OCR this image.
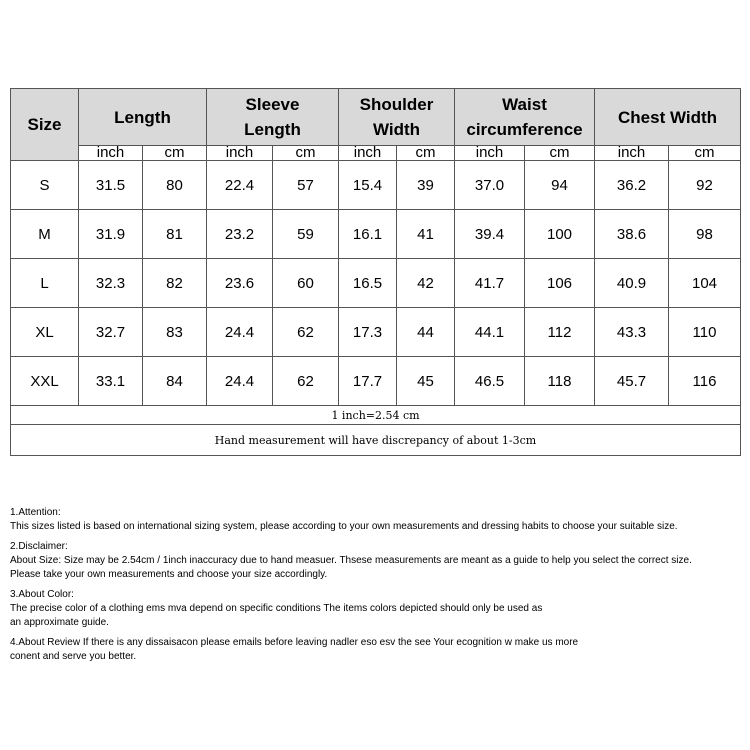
Size	Length		Sleeve Length		Shoulder Width		Waist circumference		Chest Width	
	inch	cm	inch	cm	inch	cm	inch	cm	inch	cm
S	31.5	80	22.4	57	15.4	39	37.0	94	36.2	92
M	31.9	81	23.2	59	16.1	41	39.4	100	38.6	98
L	32.3	82	23.6	60	16.5	42	41.7	106	40.9	104
XL	32.7	83	24.4	62	17.3	44	44.1	112	43.3	110
XXL	33.1	84	24.4	62	17.7	45	46.5	118	45.7	116
1 inch=2.54 cm										
Hand measurement will have discrepancy of about 1-3cm										

1.Attention:

This sizes listed is based on international sizing system, please according to your own measurements and dressing habits to choose your suitable size.

2.Disclaimer:

About Size: Size may be 2.54cm / 1inch inaccuracy due to hand measuer. Thsese measurements are meant as a guide to help you select the correct size.

Please take your own measurements and choose your size accordingly.

3.About Color:

The precise color of a clothing ems mva depend on specific conditions The items colors depicted should only be used as

an approximate guide.

4.About Review If there is any dissaisacon please emails before leaving nadler eso esv the see Your ecognition w make us more

conent and serve you better.
